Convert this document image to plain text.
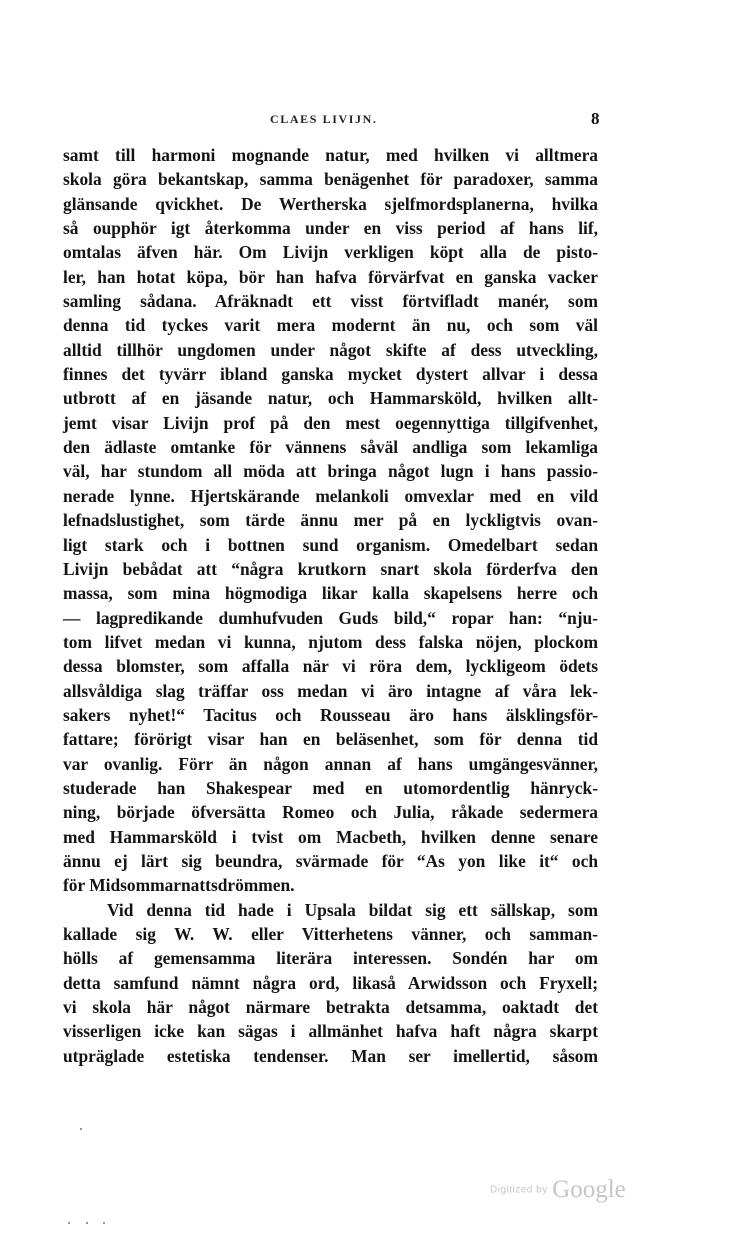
CLAES LIVIJN.	8
samt till harmoni mognande natur, med hvilken vi alltmera
skola göra bekantskap, samma benägenhet för paradoxer, samma
glänsande qvickhet. De Wertherska sjelfmordsplanerna, hvilka
så oupphör igt återkomma under en viss period af hans lif,
omtalas äfven här. Om Livijn verkligen köpt alla de pisto-
ler, han hotat köpa, bör han hafva förvärfvat en ganska vacker
samling sådana. Afräknadt ett visst förtvifladt manér, som
denna tid tyckes varit mera modernt än nu, och som väl
alltid tillhör ungdomen under något skifte af dess utveckling,
finnes det tyvärr ibland ganska mycket dystert allvar i dessa
utbrott af en jäsande natur, och Hammarsköld, hvilken allt-
jemt visar Livijn prof på den mest oegennyttiga tillgifvenhet,
den ädlaste omtanke för vännens såväl andliga som lekamliga
väl, har stundom all möda att bringa något lugn i hans passio-
nerade lynne. Hjertskärande melankoli omvexlar med en vild
lefnadslustighet, som tärde ännu mer på en lyckligtvis ovan-
ligt stark och i bottnen sund organism. Omedelbart sedan
Livijn bebådat att “några krutkorn snart skola förderfva den
massa, som mina högmodiga likar kalla skapelsens herre och
— lagpredikande dumhufvuden Guds bild,“ ropar han: “nju-
tom lifvet medan vi kunna, njutom dess falska nöjen, plockom
dessa blomster, som affalla när vi röra dem, lyckligeom ödets
allsvåldiga slag träffar oss medan vi äro intagne af våra lek-
sakers nyhet!“ Tacitus och Rousseau äro hans älsklingsför-
fattare; förörigt visar han en beläsenhet, som för denna tid
var ovanlig. Förr än någon annan af hans umgängesvänner,
studerade han Shakespear med en utomordentlig hänryck-
ning, började öfversätta Romeo och Julia, råkade sedermera
med Hammarsköld i tvist om Macbeth, hvilken denne senare
ännu ej lärt sig beundra, svärmade för “As yon like it“ och
för Midsommarnattsdrömmen.
Vid denna tid hade i Upsala bildat sig ett sällskap, som
kallade sig W. W. eller Vitterhetens vänner, och samman-
hölls af gemensamma literära interessen. Sondén har om
detta samfund nämnt några ord, likaså Arwidsson och Fryxell;
vi skola här något närmare betrakta detsamma, oaktadt det
visserligen icke kan sägas i allmänhet hafva haft några skarpt
utpräglade estetiska tendenser. Man ser imellertid, såsom
Digitized by Google
